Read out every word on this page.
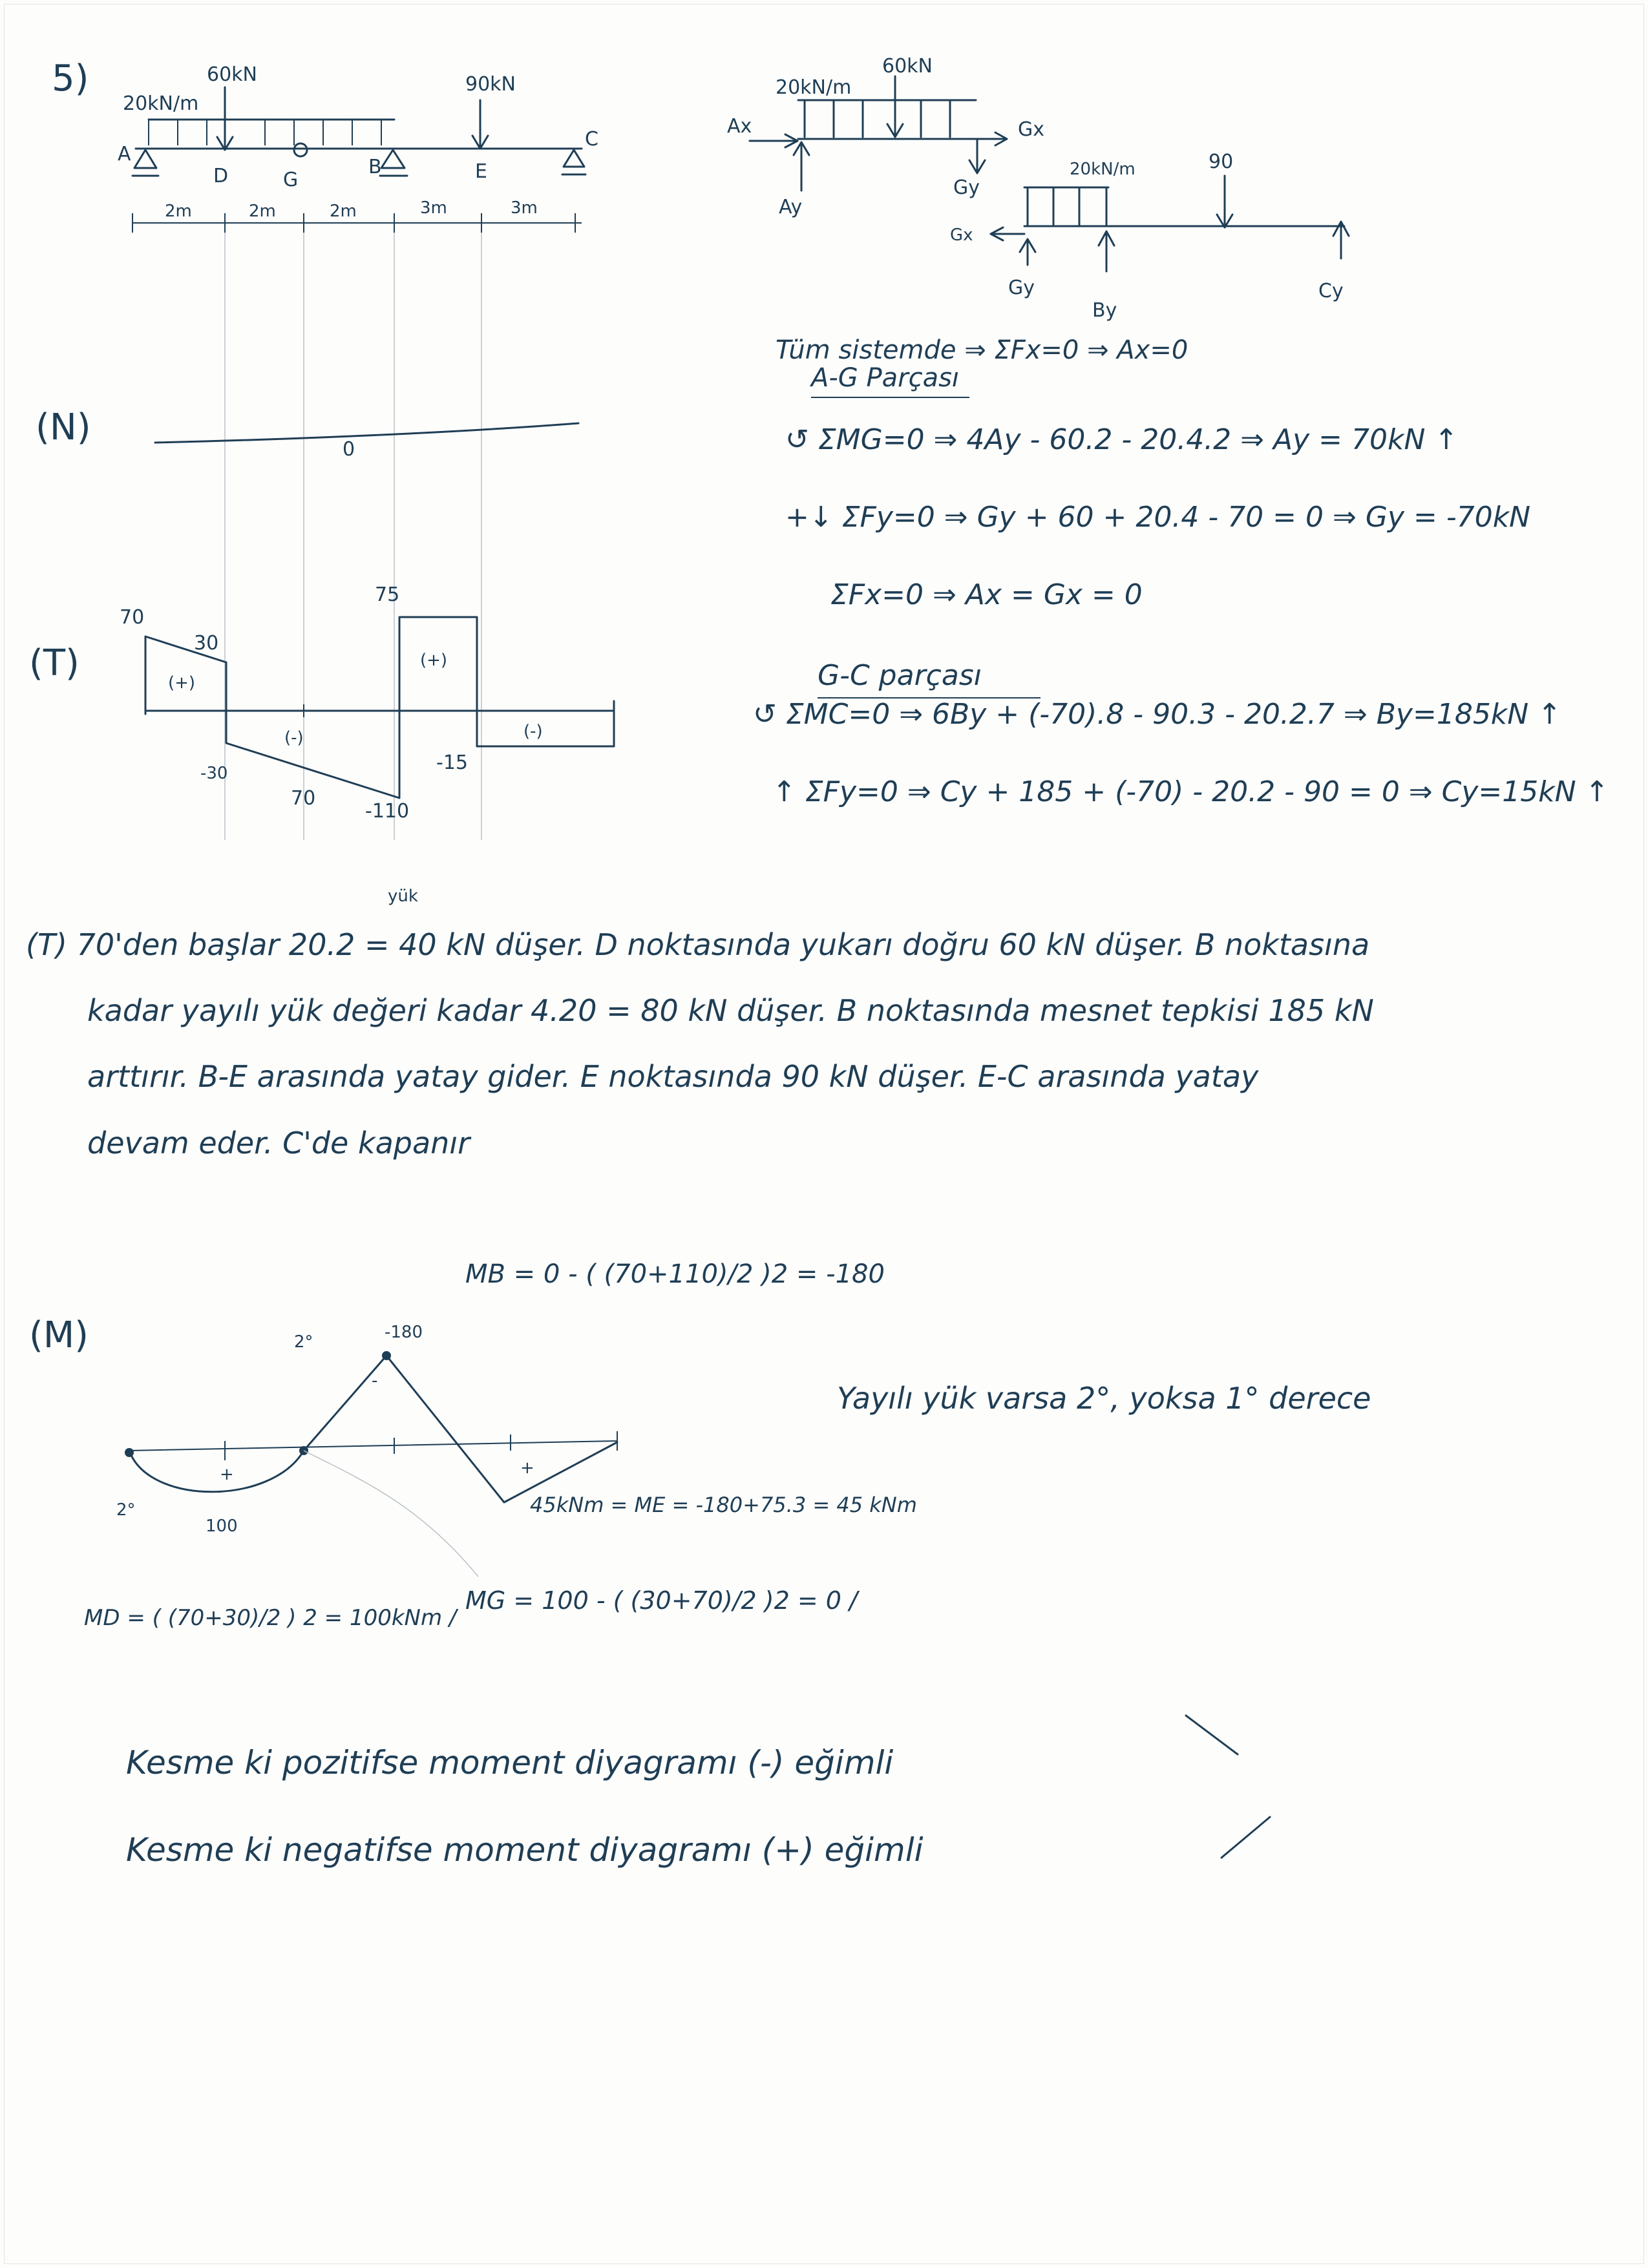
5)
20kN/m
60kN	90kN
A
D	G
B	E
C
2m	2m	2m	3m	3m
20kN/m
60kN
Ax
Ay
Gx
Gy
20kN/m	90
Gx
Gy
By
Cy
Tüm sistemde ⇒ ΣFx=0 ⇒ Ax=0
A-G Parçası
↺ ΣMG=0 ⇒ 4Ay - 60.2 - 20.4.2 ⇒ Ay = 70kN ↑
+↓ ΣFy=0 ⇒ Gy + 60 + 20.4 - 70 = 0 ⇒ Gy = -70kN
ΣFx=0 ⇒ Ax = Gx = 0
G-C parçası
↺ ΣMC=0 ⇒ 6By + (-70).8 - 90.3 - 20.2.7 ⇒ By=185kN ↑
↑ ΣFy=0 ⇒ Cy + 185 + (-70) - 20.2 - 90 = 0 ⇒ Cy=15kN ↑
(N)
0
(T)
70
30
-30
70
75
-110
-15
(+)
(-)
(+)
(-)
yük
(T) 70'den başlar 20.2 = 40 kN düşer. D noktasında yukarı doğru 60 kN düşer. B noktasına
kadar yayılı yük değeri kadar 4.20 = 80 kN düşer. B noktasında mesnet tepkisi 185 kN
arttırır. B-E arasında yatay gider. E noktasında 90 kN düşer. E-C arasında yatay
devam eder. C'de kapanır
(M)
MB = 0 - ( (70+110)/2 )2 = -180
-180
100
2°
2°
+
-
+
45kNm = ME = -180+75.3 = 45 kNm
Yayılı yük varsa 2°, yoksa 1° derece
MD = ( (70+30)/2 ) 2 = 100kNm /
MG = 100 - ( (30+70)/2 )2 = 0 /
Kesme ki pozitifse moment diyagramı (-) eğimli
Kesme ki negatifse moment diyagramı (+) eğimli
